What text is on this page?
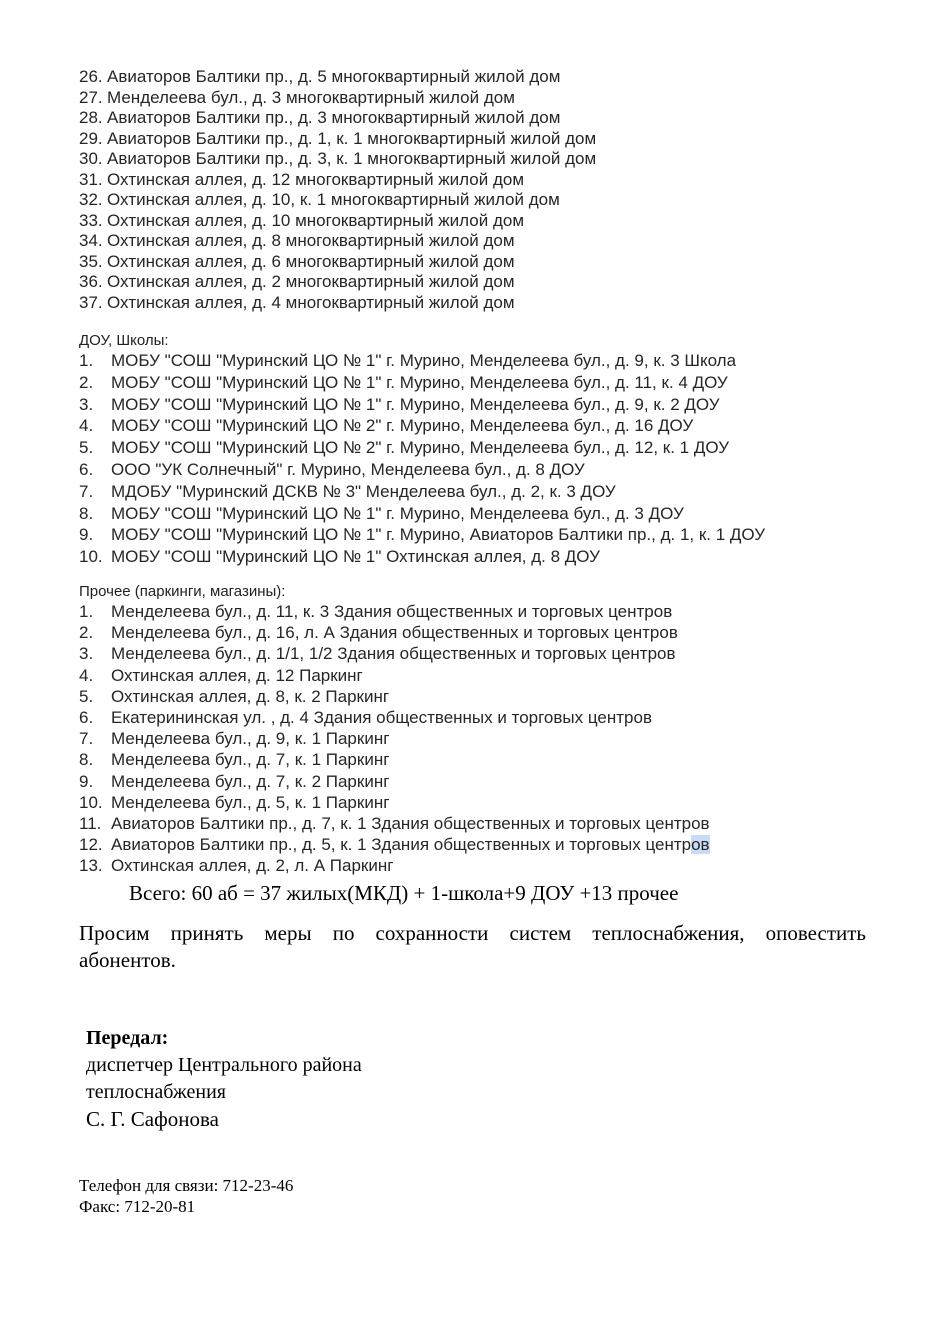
26. Авиаторов Балтики пр., д. 5 многоквартирный жилой дом
27. Менделеева бул., д. 3 многоквартирный жилой дом
28. Авиаторов Балтики пр., д. 3 многоквартирный жилой дом
29. Авиаторов Балтики пр., д. 1, к. 1 многоквартирный жилой дом
30. Авиаторов Балтики пр., д. 3, к. 1 многоквартирный жилой дом
31. Охтинская аллея, д. 12 многоквартирный жилой дом
32. Охтинская аллея, д. 10, к. 1 многоквартирный жилой дом
33. Охтинская аллея, д. 10 многоквартирный жилой дом
34. Охтинская аллея, д. 8 многоквартирный жилой дом
35. Охтинская аллея, д. 6 многоквартирный жилой дом
36. Охтинская аллея, д. 2 многоквартирный жилой дом
37. Охтинская аллея, д. 4 многоквартирный жилой дом
ДОУ, Школы:
1. МОБУ "СОШ "Муринский ЦО № 1" г. Мурино, Менделеева бул., д. 9, к. 3 Школа
2. МОБУ "СОШ "Муринский ЦО № 1" г. Мурино, Менделеева бул., д. 11, к. 4 ДОУ
3. МОБУ "СОШ "Муринский ЦО № 1" г. Мурино, Менделеева бул., д. 9, к. 2 ДОУ
4. МОБУ "СОШ "Муринский ЦО № 2" г. Мурино, Менделеева бул., д. 16 ДОУ
5. МОБУ "СОШ "Муринский ЦО № 2" г. Мурино, Менделеева бул., д. 12, к. 1 ДОУ
6. ООО "УК Солнечный" г. Мурино, Менделеева бул., д. 8 ДОУ
7. МДОБУ "Муринский ДСКВ № 3" Менделеева бул., д. 2, к. 3 ДОУ
8. МОБУ "СОШ "Муринский ЦО № 1" г. Мурино, Менделеева бул., д. 3 ДОУ
9. МОБУ "СОШ "Муринский ЦО № 1" г. Мурино, Авиаторов Балтики пр., д. 1, к. 1 ДОУ
10. МОБУ "СОШ "Муринский ЦО № 1" Охтинская аллея, д. 8 ДОУ
Прочее (паркинги, магазины):
1. Менделеева бул., д. 11, к. 3 Здания общественных и торговых центров
2. Менделеева бул., д. 16, л. А Здания общественных и торговых центров
3. Менделеева бул., д. 1/1, 1/2 Здания общественных и торговых центров
4. Охтинская аллея, д. 12 Паркинг
5. Охтинская аллея, д. 8, к. 2 Паркинг
6. Екатерининская ул. , д. 4 Здания общественных и торговых центров
7. Менделеева бул., д. 9, к. 1 Паркинг
8. Менделеева бул., д. 7, к. 1 Паркинг
9. Менделеева бул., д. 7, к. 2 Паркинг
10. Менделеева бул., д. 5, к. 1 Паркинг
11. Авиаторов Балтики пр., д. 7, к. 1 Здания общественных и торговых центров
12. Авиаторов Балтики пр., д. 5, к. 1 Здания общественных и торговых центров
13. Охтинская аллея, д. 2, л. А Паркинг
Всего: 60 аб = 37 жилых(МКД) + 1-школа+9 ДОУ +13 прочее
Просим принять меры по сохранности систем теплоснабжения, оповестить
абонентов.
Передал:
диспетчер Центрального района
теплоснабжения
С. Г. Сафонова
Телефон для связи: 712-23-46
Факс: 712-20-81
